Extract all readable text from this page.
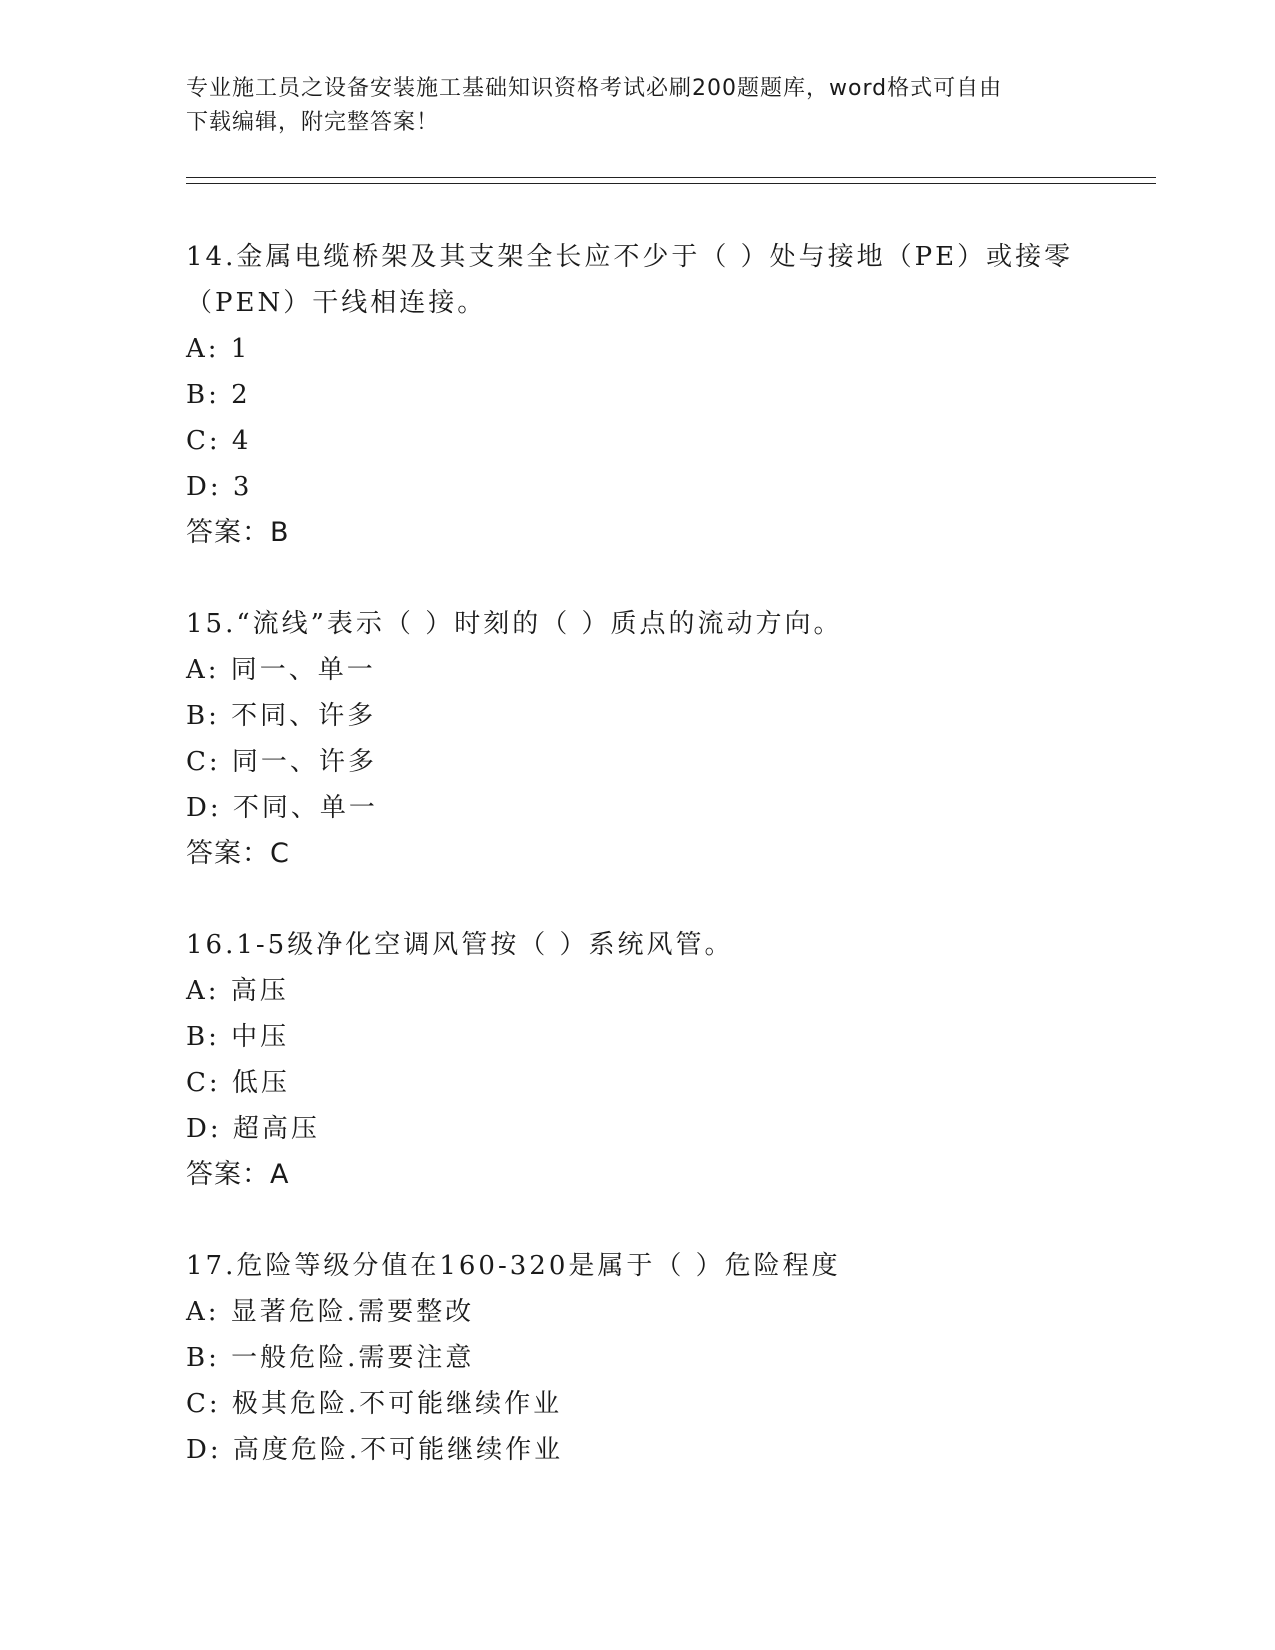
专业施工员之设备安装施工基础知识资格考试必刷200题题库，word格式可自由
下载编辑，附完整答案！
14.金属电缆桥架及其支架全长应不少于（ ）处与接地（PE）或接零
（PEN）干线相连接。
A: 1
B: 2
C: 4
D: 3
答案：B
15.“流线”表示（ ）时刻的（ ）质点的流动方向。
A: 同一、单一
B: 不同、许多
C: 同一、许多
D: 不同、单一
答案：C
16.1-5级净化空调风管按（ ）系统风管。
A: 高压
B: 中压
C: 低压
D: 超高压
答案：A
17.危险等级分值在160-320是属于（ ）危险程度
A: 显著危险.需要整改
B: 一般危险.需要注意
C: 极其危险.不可能继续作业
D: 高度危险.不可能继续作业
